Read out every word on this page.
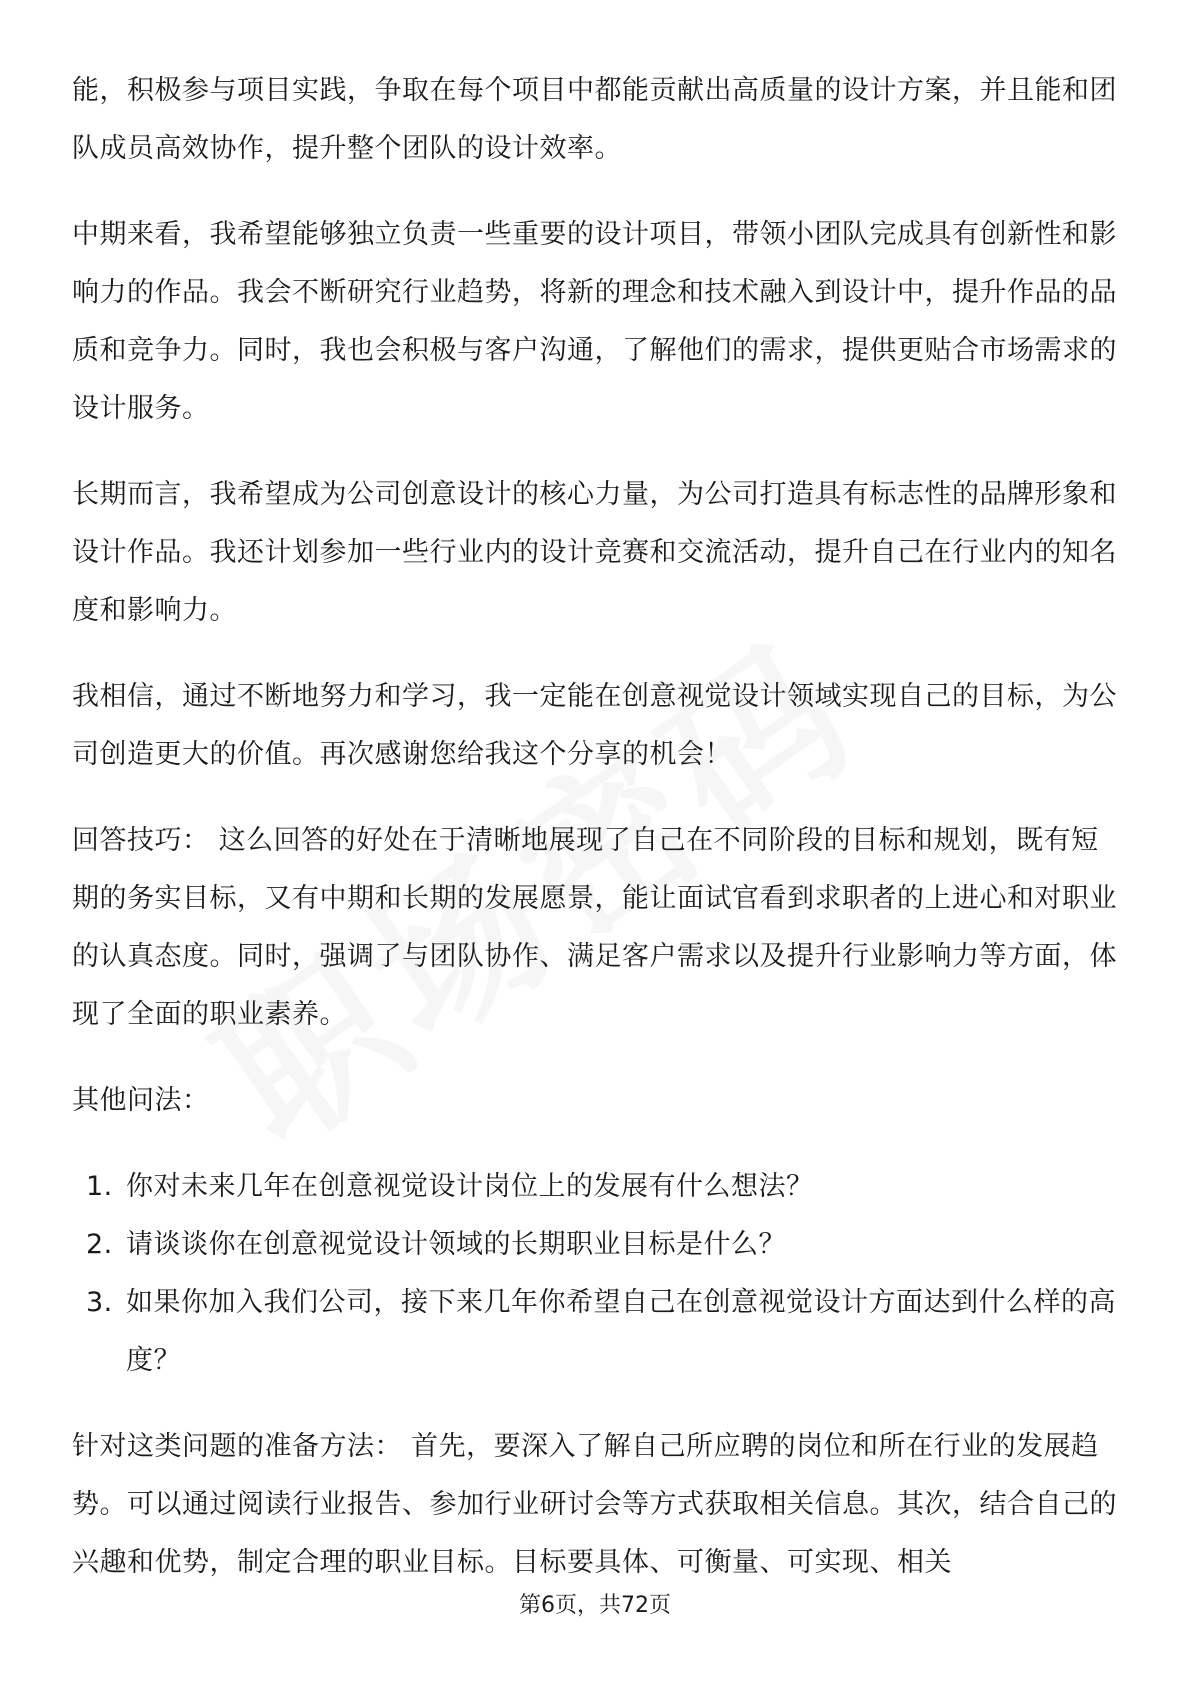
能，积极参与项目实践，争取在每个项目中都能贡献出高质量的设计方案，并且能和团队成员高效协作，提升整个团队的设计效率。

中期来看，我希望能够独立负责一些重要的设计项目，带领小团队完成具有创新性和影响力的作品。我会不断研究行业趋势，将新的理念和技术融入到设计中，提升作品的品质和竞争力。同时，我也会积极与客户沟通，了解他们的需求，提供更贴合市场需求的设计服务。

长期而言，我希望成为公司创意设计的核心力量，为公司打造具有标志性的品牌形象和设计作品。我还计划参加一些行业内的设计竞赛和交流活动，提升自己在行业内的知名度和影响力。

我相信，通过不断地努力和学习，我一定能在创意视觉设计领域实现自己的目标，为公司创造更大的价值。再次感谢您给我这个分享的机会！

回答技巧： 这么回答的好处在于清晰地展现了自己在不同阶段的目标和规划，既有短期的务实目标，又有中期和长期的发展愿景，能让面试官看到求职者的上进心和对职业的认真态度。同时，强调了与团队协作、满足客户需求以及提升行业影响力等方面，体现了全面的职业素养。

其他问法：

1. 你对未来几年在创意视觉设计岗位上的发展有什么想法？
2. 请谈谈你在创意视觉设计领域的长期职业目标是什么？
3. 如果你加入我们公司，接下来几年你希望自己在创意视觉设计方面达到什么样的高度？

针对这类问题的准备方法： 首先，要深入了解自己所应聘的岗位和所在行业的发展趋势。可以通过阅读行业报告、参加行业研讨会等方式获取相关信息。其次，结合自己的兴趣和优势，制定合理的职业目标。目标要具体、可衡量、可实现、相关

第6页，共72页
